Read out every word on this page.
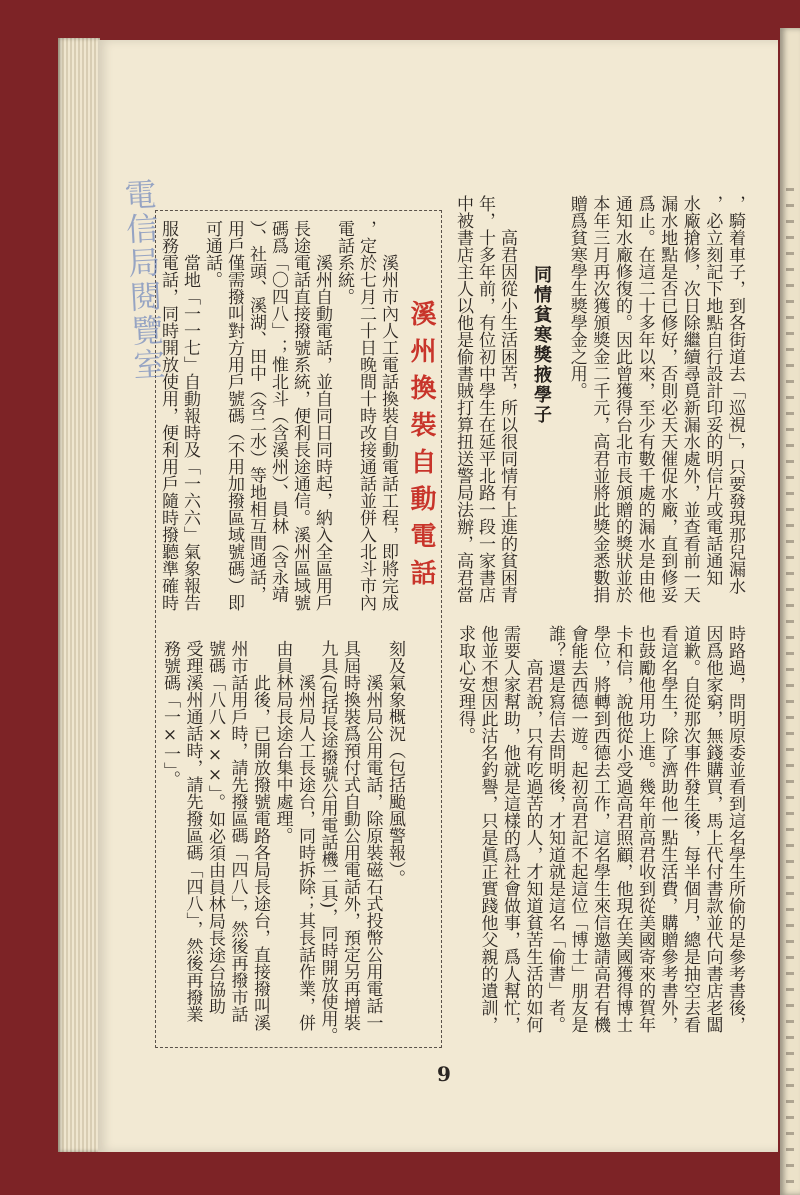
，騎着車子，到各街道去「巡視」，只要發現那兒漏水
，必立刻記下地點自行設計印妥的明信片或電話通知
水廠搶修，次日除繼續尋覓新漏水處外，並查看前一天
漏水地點是否已修好，否則必天天催促水廠，直到修妥
爲止。在這二十多年以來，至少有數千處的漏水是由他
通知水廠修復的。因此曾獲得台北市長頒贈的獎狀並於
本年三月再次獲頒獎金二千元，高君並將此獎金悉數捐
贈爲貧寒學生獎學金之用。
同情貧寒獎掖學子
高君因從小生活困苦，所以很同情有上進的貧困青
年，十多年前，有位初中學生在延平北路一段一家書店
中被書店主人以他是偷書賊打算扭送警局法辦，高君當
時路過，問明原委並看到這名學生所偷的是參考書後，
因爲他家窮，無錢購買，馬上代付書款並代向書店老闆
道歉。自從那次事件發生後，每半個月，總是抽空去看
看這名學生，除了濟助他一點生活費，購贈參考書外，
也鼓勵他用功上進。幾年前高君收到從美國寄來的賀年
卡和信，說他從小受過高君照顧，他現在美國獲得博士
學位，將轉到西德去工作，這名學生來信邀請高君有機
會能去西德一遊。起初高君記不起這位「博士」朋友是
誰？還是寫信去問明後，才知道就是這名「偷書」者。
高君說，只有吃過苦的人，才知道貧苦生活的如何
需要人家幫助，他就是這樣的爲社會做事，爲人幫忙，
他並不想因此沽名釣譽，只是眞正實踐他父親的遺訓，
求取心安理得。
溪州換裝自動電話
溪州市內人工電話換裝自動電話工程，即將完成
，定於七月二十日晚間十時改接通話並併入北斗市內
電話系統。
溪州自動電話，並自同日同時起，納入全區用戶
長途電話直接撥號系統，便利長途通信。溪州區域號
碼爲「〇四八」；惟北斗（含溪州）、員林（含永靖
）、社頭、溪湖、田中（含二水）等地相互間通話，
用戶僅需撥叫對方用戶號碼（不用加撥區域號碼）即
可通話。
當地「一一七」自動報時及「一六六」氣象報告
服務電話，同時開放使用，便利用戶隨時撥聽準確時
刻及氣象概況（包括颱風警報）。
溪州局公用電話，除原裝磁石式投幣公用電話一
具屆時換裝爲預付式自動公用電話外，預定另再增裝
九具(包括長途撥號公用電話機二具)，同時開放使用。
溪州局人工長途台，同時拆除；其長話作業，併
由員林局長途台集中處理。
此後，已開放撥號電路各局長途台，直接撥叫溪
州市話用戶時，請先撥區碼「四八」，然後再撥市話
號碼「八八×××」。如必須由員林局長途台協助
受理溪州通話時，請先撥區碼「四八」，然後再撥業
務號碼「一×一」。
電信局閱覽室
9
